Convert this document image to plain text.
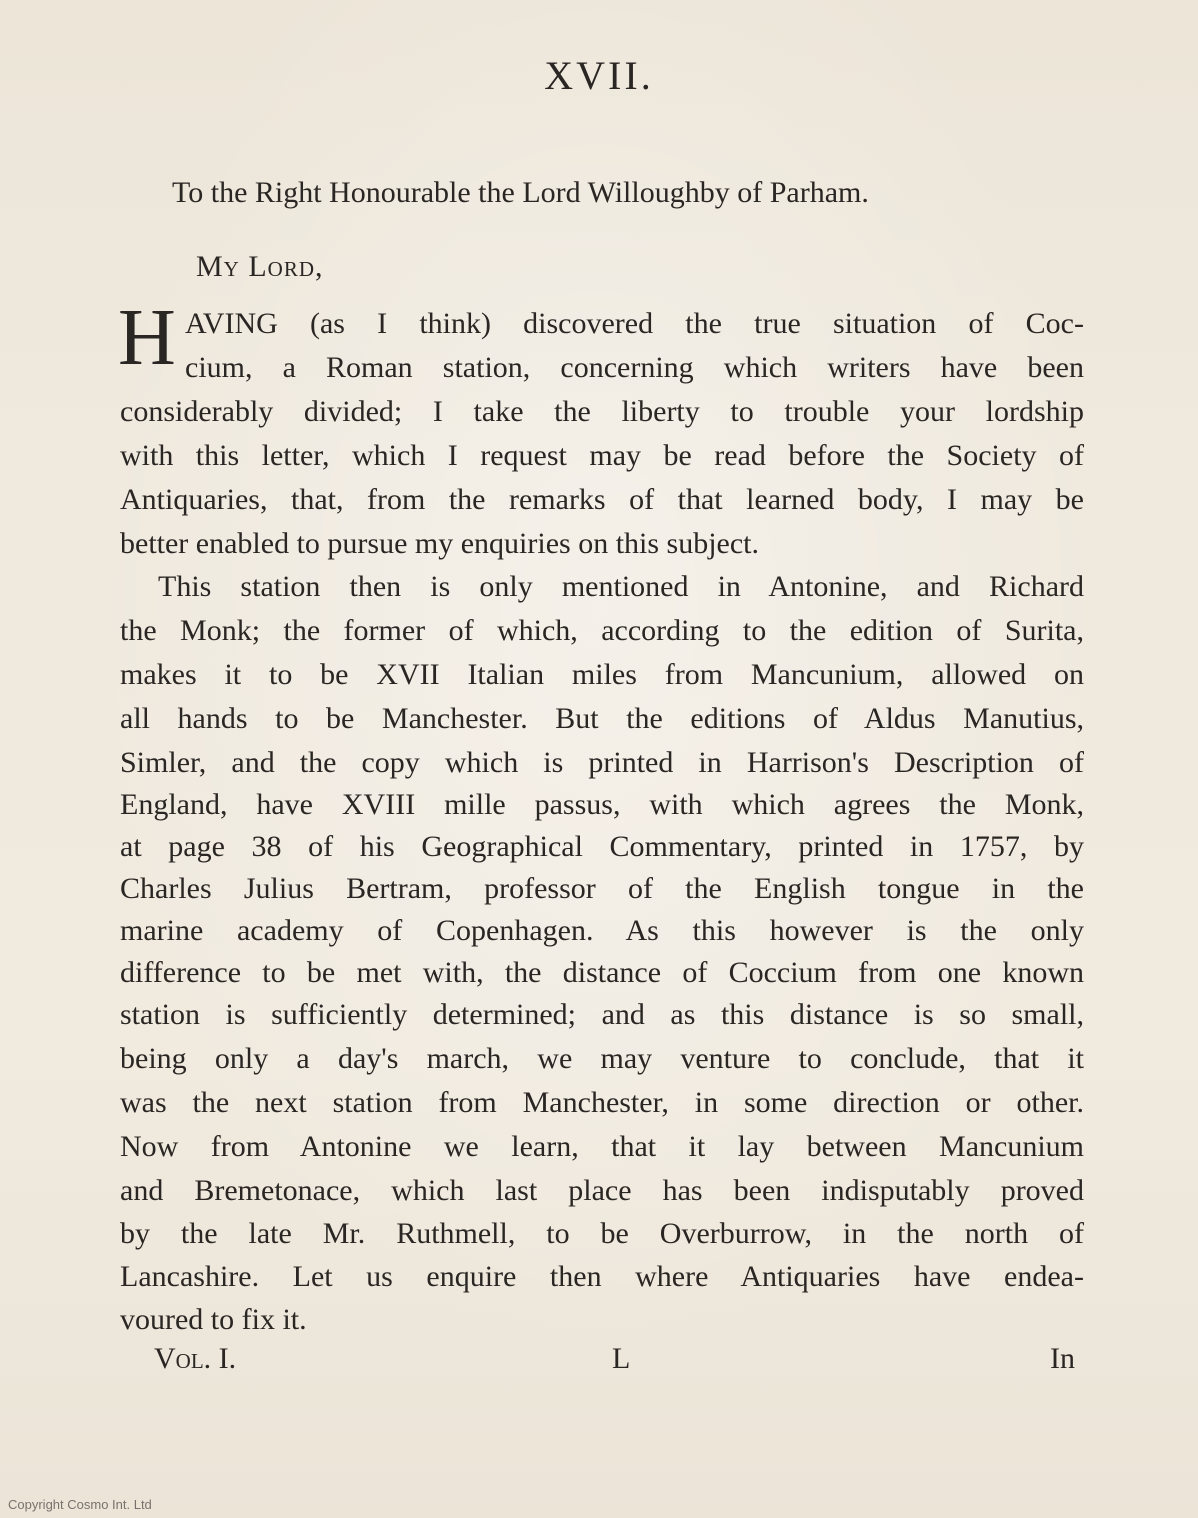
XVII.
To the Right Honourable the Lord Willoughby of Parham.
My Lord,
H AVING (as I think) discovered the true situation of Coc-
cium, a Roman station, concerning which writers have been
considerably divided; I take the liberty to trouble your lordship
with this letter, which I request may be read before the Society of
Antiquaries, that, from the remarks of that learned body, I may be
better enabled to pursue my enquiries on this subject.
This station then is only mentioned in Antonine, and Richard
the Monk; the former of which, according to the edition of Surita,
makes it to be XVII Italian miles from Mancunium, allowed on
all hands to be Manchester. But the editions of Aldus Manutius,
Simler, and the copy which is printed in Harrison's Description of
England, have XVIII mille passus, with which agrees the Monk,
at page 38 of his Geographical Commentary, printed in 1757, by
Charles Julius Bertram, professor of the English tongue in the
marine academy of Copenhagen. As this however is the only
difference to be met with, the distance of Coccium from one known
station is sufficiently determined; and as this distance is so small,
being only a day's march, we may venture to conclude, that it
was the next station from Manchester, in some direction or other.
Now from Antonine we learn, that it lay between Mancunium
and Bremetonace, which last place has been indisputably proved
by the late Mr. Ruthmell, to be Overburrow, in the north of
Lancashire. Let us enquire then where Antiquaries have endea-
voured to fix it.
Vol. I.	L	In
Copyright Cosmo Int. Ltd
